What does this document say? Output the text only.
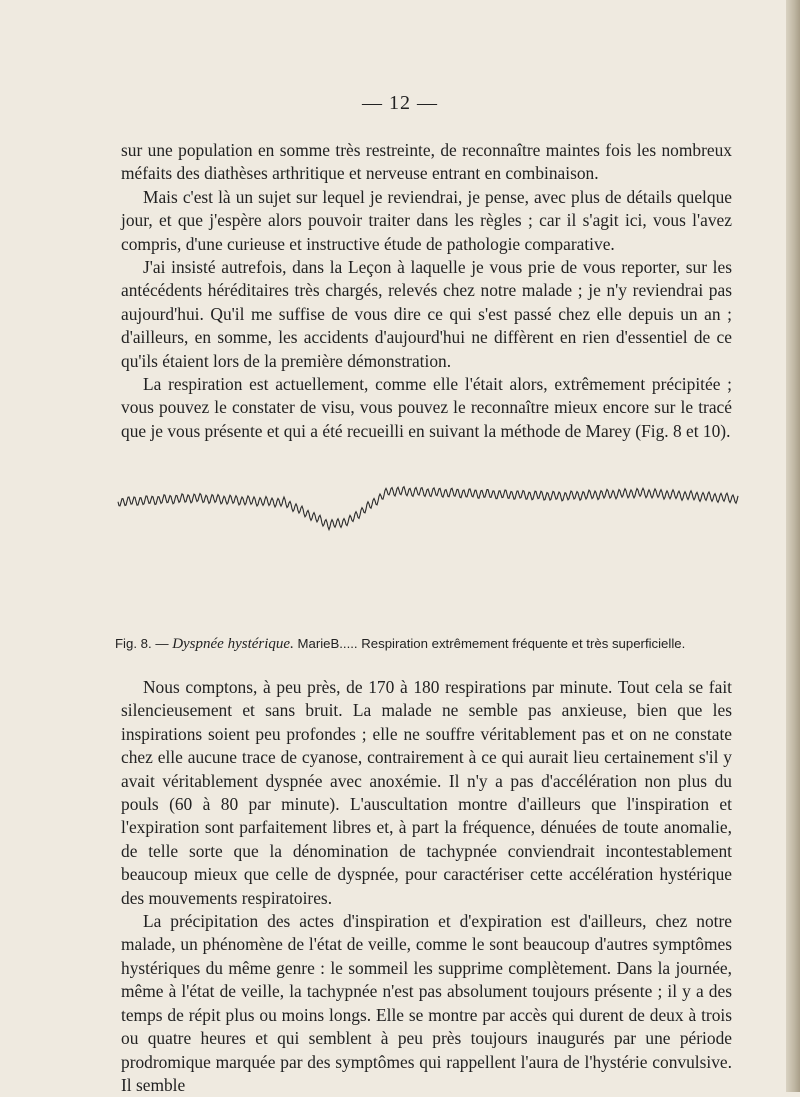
— 12 —

sur une population en somme très restreinte, de reconnaître maintes fois les nombreux méfaits des diathèses arthritique et nerveuse entrant en combinaison.

Mais c'est là un sujet sur lequel je reviendrai, je pense, avec plus de détails quelque jour, et que j'espère alors pouvoir traiter dans les règles ; car il s'agit ici, vous l'avez compris, d'une curieuse et instructive étude de pathologie comparative.

J'ai insisté autrefois, dans la Leçon à laquelle je vous prie de vous reporter, sur les antécédents héréditaires très chargés, relevés chez notre malade ; je n'y reviendrai pas aujourd'hui. Qu'il me suffise de vous dire ce qui s'est passé chez elle depuis un an ; d'ailleurs, en somme, les accidents d'aujourd'hui ne diffèrent en rien d'essentiel de ce qu'ils étaient lors de la première démonstration.

La respiration est actuellement, comme elle l'était alors, extrêmement précipitée ; vous pouvez le constater de visu, vous pouvez le reconnaître mieux encore sur le tracé que je vous présente et qui a été recueilli en suivant la méthode de Marey (Fig. 8 et 10).

Fig. 8. — Dyspnée hystérique. MarieB..... Respiration extrêmement fréquente et très superficielle.

Nous comptons, à peu près, de 170 à 180 respirations par minute. Tout cela se fait silencieusement et sans bruit. La malade ne semble pas anxieuse, bien que les inspirations soient peu profondes ; elle ne souffre véritablement pas et on ne constate chez elle aucune trace de cyanose, contrairement à ce qui aurait lieu certainement s'il y avait véritablement dyspnée avec anoxémie. Il n'y a pas d'accélération non plus du pouls (60 à 80 par minute). L'auscultation montre d'ailleurs que l'inspiration et l'expiration sont parfaitement libres et, à part la fréquence, dénuées de toute anomalie, de telle sorte que la dénomination de tachypnée conviendrait incontestablement beaucoup mieux que celle de dyspnée, pour caractériser cette accélération hystérique des mouvements respiratoires.

La précipitation des actes d'inspiration et d'expiration est d'ailleurs, chez notre malade, un phénomène de l'état de veille, comme le sont beaucoup d'autres symptômes hystériques du même genre : le sommeil les supprime complètement. Dans la journée, même à l'état de veille, la tachypnée n'est pas absolument toujours présente ; il y a des temps de répit plus ou moins longs. Elle se montre par accès qui durent de deux à trois ou quatre heures et qui semblent à peu près toujours inaugurés par une période prodromique marquée par des symptômes qui rappellent l'aura de l'hystérie convulsive. Il semble
